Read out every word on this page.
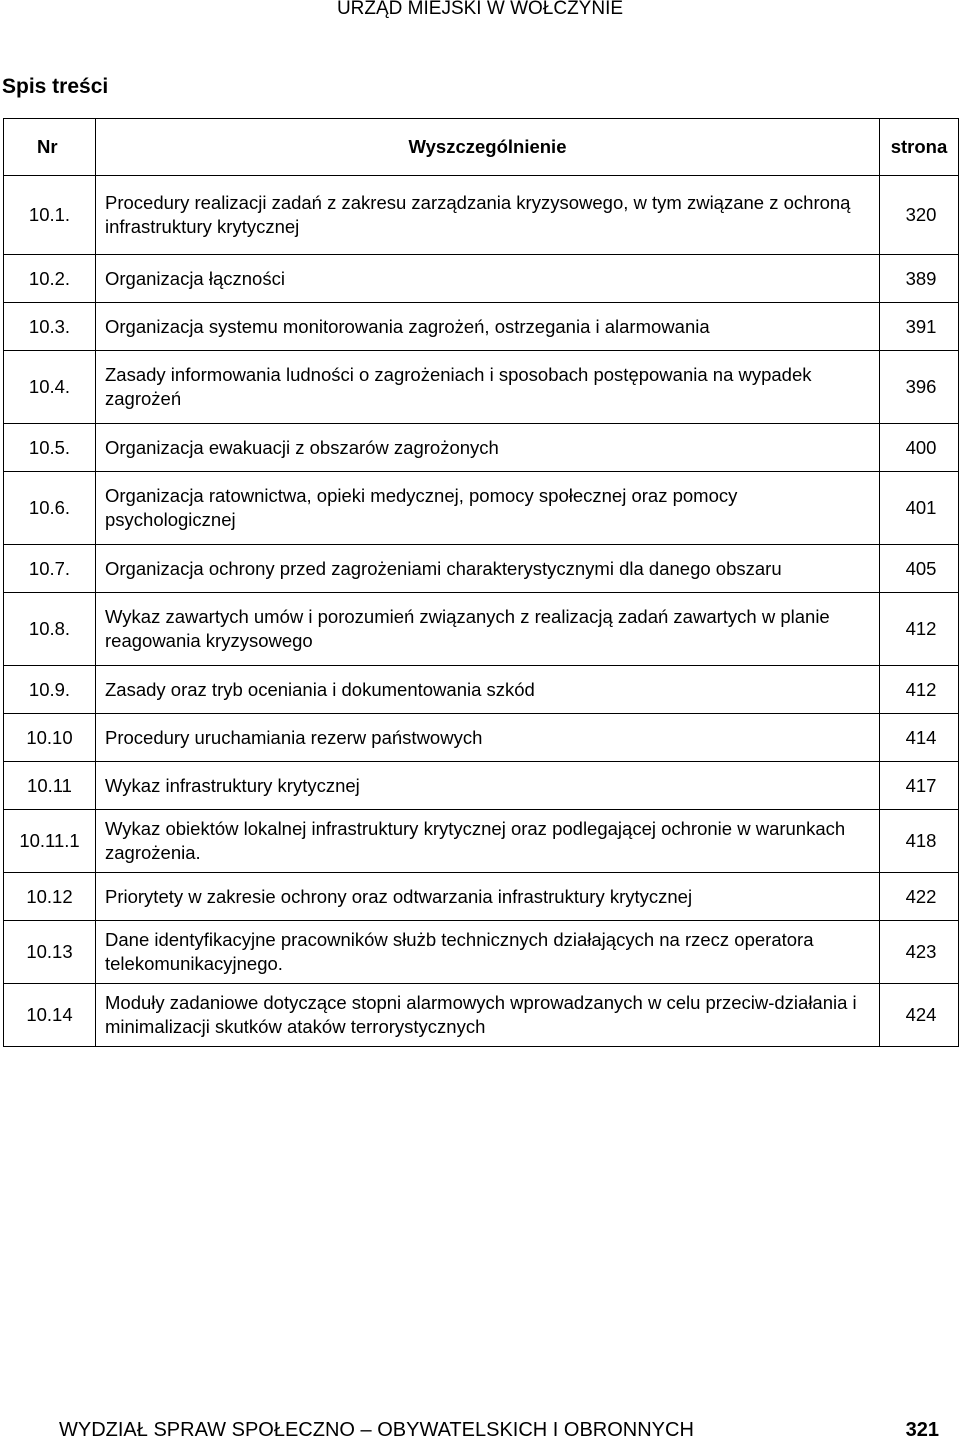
URZĄD MIEJSKI W WOŁCZYNIE
Spis treści
Nr	Wyszczególnienie	strona
10.1.	Procedury realizacji zadań z zakresu zarządzania kryzysowego, w tym związane z ochroną infrastruktury krytycznej	320
10.2.	Organizacja łączności	389
10.3.	Organizacja systemu monitorowania zagrożeń, ostrzegania i alarmowania	391
10.4.	Zasady informowania ludności o zagrożeniach i sposobach postępowania na wypadek zagrożeń	396
10.5.	Organizacja ewakuacji z obszarów zagrożonych	400
10.6.	Organizacja ratownictwa, opieki medycznej, pomocy społecznej oraz pomocy psychologicznej	401
10.7.	Organizacja ochrony przed zagrożeniami charakterystycznymi dla danego obszaru	405
10.8.	Wykaz zawartych umów i porozumień związanych z realizacją zadań zawartych w planie reagowania kryzysowego	412
10.9.	Zasady oraz tryb oceniania i dokumentowania szkód	412
10.10	Procedury uruchamiania rezerw państwowych	414
10.11	Wykaz infrastruktury krytycznej	417
10.11.1	Wykaz obiektów lokalnej infrastruktury krytycznej oraz podlegającej ochronie w warunkach zagrożenia.	418
10.12	Priorytety w zakresie ochrony oraz odtwarzania infrastruktury krytycznej	422
10.13	Dane identyfikacyjne pracowników służb technicznych działających na rzecz operatora telekomunikacyjnego.	423
10.14	Moduły zadaniowe dotyczące stopni alarmowych wprowadzanych w celu przeciw-działania i minimalizacji skutków ataków terrorystycznych	424
WYDZIAŁ SPRAW SPOŁECZNO – OBYWATELSKICH I OBRONNYCH	321
